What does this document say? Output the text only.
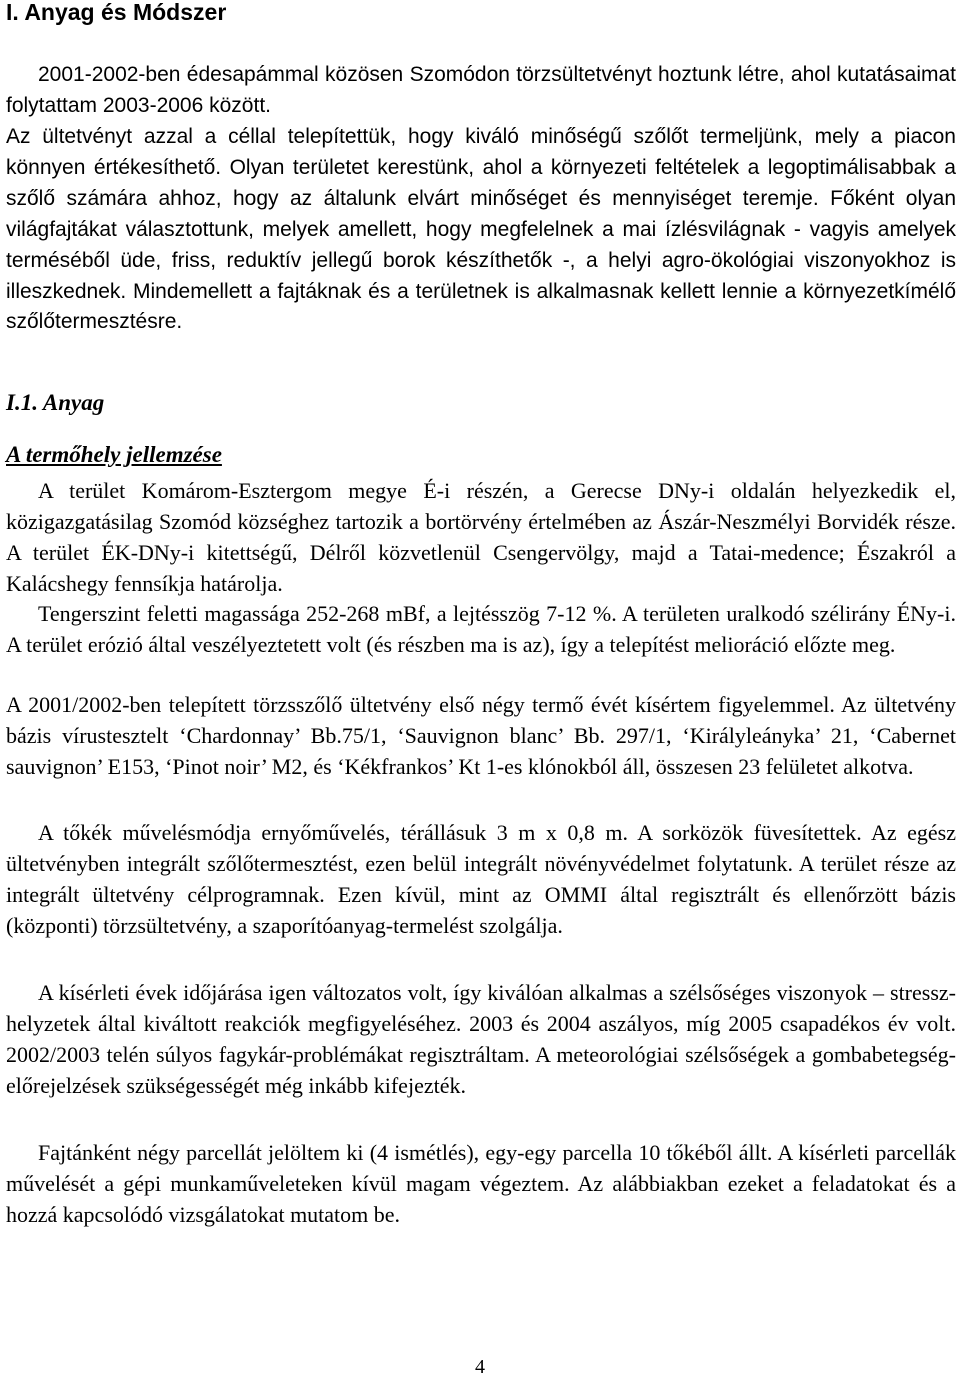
I. Anyag és Módszer

2001-2002-ben édesapámmal közösen Szomódon törzsültetvényt hoztunk létre, ahol kutatásaimat folytattam 2003-2006 között.

Az ültetvényt azzal a céllal telepítettük, hogy kiváló minőségű szőlőt termeljünk, mely a piacon könnyen értékesíthető. Olyan területet kerestünk, ahol a környezeti feltételek a legoptimálisabbak a szőlő számára ahhoz, hogy az általunk elvárt minőséget és mennyiséget teremje. Főként olyan világfajtákat választottunk, melyek amellett, hogy megfelelnek a mai ízlésvilágnak - vagyis amelyek terméséből üde, friss, reduktív jellegű borok készíthetők -, a helyi agro-ökológiai viszonyokhoz is illeszkednek. Mindemellett a fajtáknak és a területnek is alkalmasnak kellett lennie a környezetkímélő szőlőtermesztésre.

I.1. Anyag
A termőhely jellemzése

A terület Komárom-Esztergom megye É-i részén, a Gerecse DNy-i oldalán helyezkedik el, közigazgatásilag Szomód községhez tartozik a bortörvény értelmében az Ászár-Neszmélyi Borvidék része. A terület ÉK-DNy-i kitettségű, Délről közvetlenül Csengervölgy, majd a Tatai-medence; Északról a Kalácshegy fennsíkja határolja.

Tengerszint feletti magassága 252-268 mBf, a lejtésszög 7-12 %. A területen uralkodó szélirány ÉNy-i. A terület erózió által veszélyeztetett volt (és részben ma is az), így a telepítést melioráció előzte meg.

A 2001/2002-ben telepített törzsszőlő ültetvény első négy termő évét kísértem figyelemmel. Az ültetvény bázis vírustesztelt ‘Chardonnay’ Bb.75/1, ‘Sauvignon blanc’ Bb. 297/1, ‘Királyleányka’ 21, ‘Cabernet sauvignon’ E153, ‘Pinot noir’ M2, és ‘Kékfrankos’ Kt 1-es klónokból áll, összesen 23 felületet alkotva.

A tőkék művelésmódja ernyőművelés, térállásuk 3 m x 0,8 m. A sorközök füvesítettek. Az egész ültetvényben integrált szőlőtermesztést, ezen belül integrált növényvédelmet folytatunk. A terület része az integrált ültetvény célprogramnak. Ezen kívül, mint az OMMI által regisztrált és ellenőrzött bázis (központi) törzsültetvény, a szaporítóanyag-termelést szolgálja.

A kísérleti évek időjárása igen változatos volt, így kiválóan alkalmas a szélsőséges viszonyok – stressz-helyzetek által kiváltott reakciók megfigyeléséhez. 2003 és 2004 aszályos, míg 2005 csapadékos év volt. 2002/2003 telén súlyos fagykár-problémákat regisztráltam. A meteorológiai szélsőségek a gombabetegség-előrejelzések szükségességét még inkább kifejezték.

Fajtánként négy parcellát jelöltem ki (4 ismétlés), egy-egy parcella 10 tőkéből állt. A kísérleti parcellák művelését a gépi munkaműveleteken kívül magam végeztem. Az alábbiakban ezeket a feladatokat és a hozzá kapcsolódó vizsgálatokat mutatom be.

4
